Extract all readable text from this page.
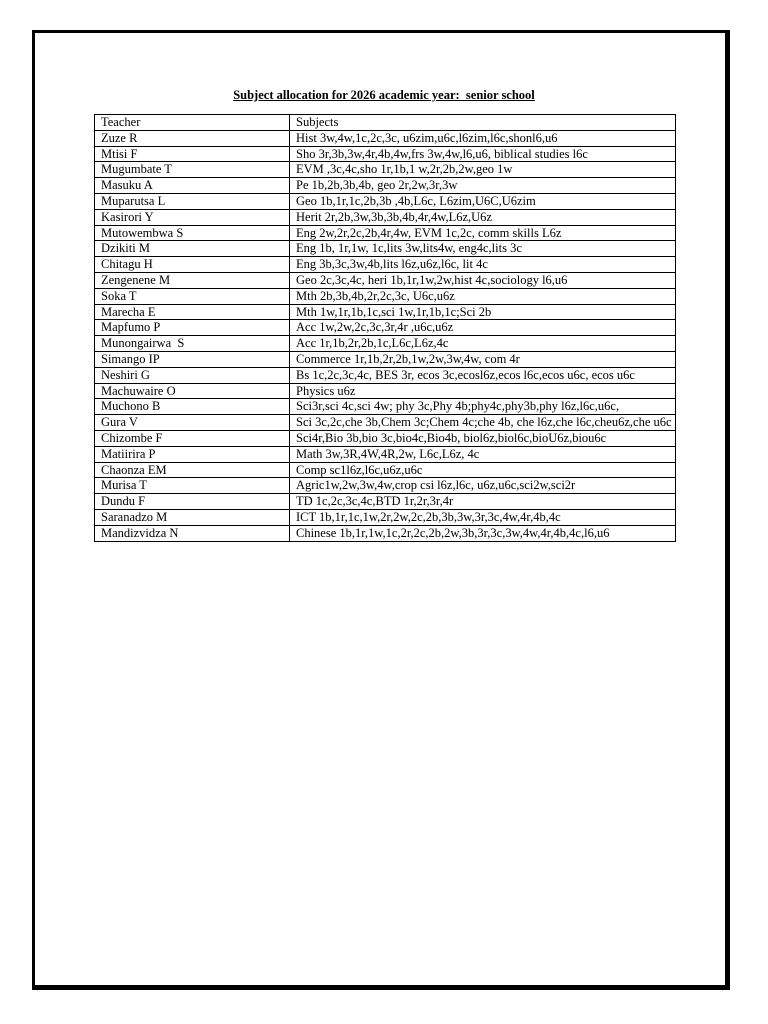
Subject allocation for 2026 academic year:  senior school
Teacher	Subjects
Zuze R	Hist 3w,4w,1c,2c,3c, u6zim,u6c,l6zim,l6c,shonl6,u6
Mtisi F	Sho 3r,3b,3w,4r,4b,4w,frs 3w,4w,l6,u6, biblical studies l6c
Mugumbate T	EVM ,3c,4c,sho 1r,1b,1 w,2r,2b,2w,geo 1w
Masuku A	Pe 1b,2b,3b,4b, geo 2r,2w,3r,3w
Muparutsa L	Geo 1b,1r,1c,2b,3b ,4b,L6c, L6zim,U6C,U6zim
Kasirori Y	Herit 2r,2b,3w,3b,3b,4b,4r,4w,L6z,U6z
Mutowembwa S	Eng 2w,2r,2c,2b,4r,4w, EVM 1c,2c, comm skills L6z
Dzikiti M	Eng 1b, 1r,1w, 1c,lits 3w,lits4w, eng4c,lits 3c
Chitagu H	Eng 3b,3c,3w,4b,lits l6z,u6z,l6c, lit 4c
Zengenene M	Geo 2c,3c,4c, heri 1b,1r,1w,2w,hist 4c,sociology l6,u6
Soka T	Mth 2b,3b,4b,2r,2c,3c, U6c,u6z
Marecha E	Mth 1w,1r,1b,1c,sci 1w,1r,1b,1c;Sci 2b
Mapfumo P	Acc 1w,2w,2c,3c,3r,4r ,u6c,u6z
Munongairwa  S	Acc 1r,1b,2r,2b,1c,L6c,L6z,4c
Simango IP	Commerce 1r,1b,2r,2b,1w,2w,3w,4w, com 4r
Neshiri G	Bs 1c,2c,3c,4c, BES 3r, ecos 3c,ecosl6z,ecos l6c,ecos u6c, ecos u6c
Machuwaire O	Physics u6z
Muchono B	Sci3r,sci 4c,sci 4w; phy 3c,Phy 4b;phy4c,phy3b,phy l6z,l6c,u6c,
Gura V	Sci 3c,2c,che 3b,Chem 3c;Chem 4c;che 4b, che l6z,che l6c,cheu6z,che u6c
Chizombe F	Sci4r,Bio 3b,bio 3c,bio4c,Bio4b, biol6z,biol6c,bioU6z,biou6c
Matiirira P	Math 3w,3R,4W,4R,2w, L6c,L6z, 4c
Chaonza EM	Comp sc1l6z,l6c,u6z,u6c
Murisa T	Agric1w,2w,3w,4w,crop csi l6z,l6c, u6z,u6c,sci2w,sci2r
Dundu F	TD 1c,2c,3c,4c,BTD 1r,2r,3r,4r
Saranadzo M	ICT 1b,1r,1c,1w,2r,2w,2c,2b,3b,3w,3r,3c,4w,4r,4b,4c
Mandizvidza N	Chinese 1b,1r,1w,1c,2r,2c,2b,2w,3b,3r,3c,3w,4w,4r,4b,4c,l6,u6
